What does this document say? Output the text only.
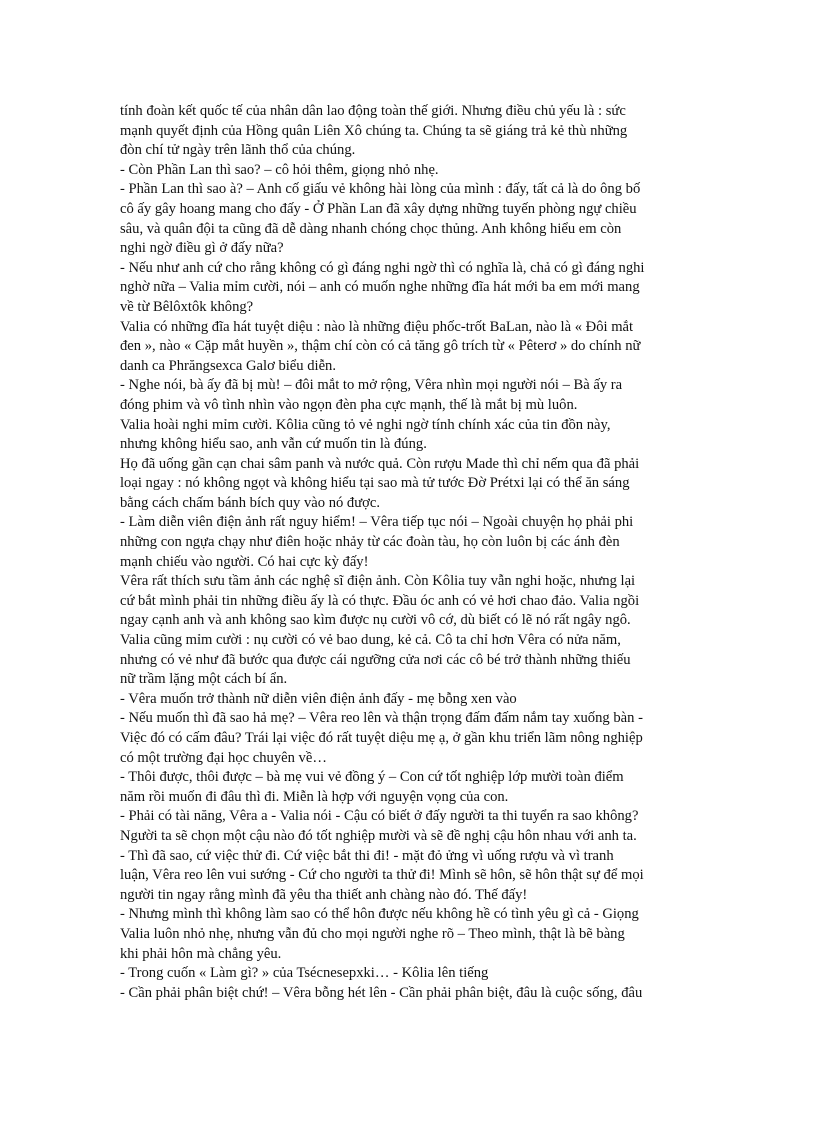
tính đoàn kết quốc tế của nhân dân lao động toàn thế giới. Nhưng điều chủ yếu là : sức
mạnh quyết định của Hồng quân Liên Xô chúng ta. Chúng ta sẽ giáng trả kẻ thù những
đòn chí tử ngày trên lãnh thổ của chúng.
- Còn Phần Lan thì sao? – cô hỏi thêm, giọng nhỏ nhẹ.
- Phần Lan thì sao à? – Anh cố giấu vẻ không hài lòng của mình : đấy, tất cả là do ông bố
cô ấy gây hoang mang cho đấy - Ở Phần Lan đã xây dựng những tuyến phòng ngự chiều
sâu, và quân đội ta cũng đã dễ dàng nhanh chóng chọc thủng. Anh không hiểu em còn
nghi ngờ điều gì ở đấy nữa?
- Nếu như anh cứ cho rằng không có gì đáng nghi ngờ thì có nghĩa là, chả có gì đáng nghi
nghờ nữa – Valia mỉm cười, nói – anh có muốn nghe những đĩa hát mới ba em mới mang
về từ Bêlôxtôk không?
Valia có những đĩa hát tuyệt diệu : nào là những điệu phốc-trốt BaLan, nào là « Đôi mắt
đen », nào « Cặp mắt huyền », thậm chí còn có cả tăng gô trích từ « Pêterơ » do chính nữ
danh ca Phrăngsexca Galơ biểu diễn.
- Nghe nói, bà ấy đã bị mù! – đôi mắt to mở rộng, Vêra nhìn mọi người nói – Bà ấy ra
đóng phim và vô tình nhìn vào ngọn đèn pha cực mạnh, thế là mắt bị mù luôn.
Valia hoài nghi mỉm cười. Kôlia cũng tỏ vẻ nghi ngờ tính chính xác của tin đồn này,
nhưng không hiểu sao, anh vẫn cứ muốn tin là đúng.
Họ đã uống gần cạn chai sâm panh và nước quả. Còn rượu Made thì chỉ nếm qua đã phải
loại ngay : nó không ngọt và không hiểu tại sao mà tử tước Đờ Prétxi lại có thể ăn sáng
bằng cách chấm bánh bích quy vào nó được.
- Làm diễn viên điện ảnh rất nguy hiểm! – Vêra tiếp tục nói – Ngoài chuyện họ phải phi
những con ngựa chạy như điên hoặc nhảy từ các đoàn tàu, họ còn luôn bị các ánh đèn
mạnh chiếu vào người. Có hai cực kỳ đấy!
Vêra rất thích sưu tầm ảnh các nghệ sĩ điện ảnh. Còn Kôlia tuy vẫn nghi hoặc, nhưng lại
cứ bắt mình phải tin những điều ấy là có thực. Đầu óc anh có vẻ hơi chao đảo. Valia ngồi
ngay cạnh anh và anh không sao kìm được nụ cười vô cớ, dù biết có lẽ nó rất ngây ngô.
Valia cũng mỉm cười : nụ cười có vẻ bao dung, kẻ cả. Cô ta chỉ hơn Vêra có nửa năm,
nhưng có vẻ như đã bước qua được cái ngưỡng cửa nơi các cô bé trở thành những thiếu
nữ trầm lặng một cách bí ẩn.
- Vêra muốn trở thành nữ diễn viên điện ảnh đấy - mẹ bỗng xen vào
- Nếu muốn thì đã sao hả mẹ? – Vêra reo lên và thận trọng đấm đấm nắm tay xuống bàn -
Việc đó có cấm đâu? Trái lại việc đó rất tuyệt diệu mẹ ạ, ở gần khu triển lãm nông nghiệp
có một trường đại học chuyên về…
- Thôi được, thôi được – bà mẹ vui vẻ đồng ý – Con cứ tốt nghiệp lớp mười toàn điểm
năm rồi muốn đi đâu thì đi. Miễn là hợp với nguyện vọng của con.
- Phải có tài năng, Vêra a - Valia nói - Cậu có biết ở đấy người ta thi tuyển ra sao không?
Người ta sẽ chọn một cậu nào đó tốt nghiệp mười và sẽ đề nghị cậu hôn nhau với anh ta.
- Thì đã sao, cứ việc thử đi. Cứ việc bắt thi đi! - mặt đỏ ửng vì uống rượu và vì tranh
luận, Vêra reo lên vui sướng - Cứ cho người ta thử đi! Mình sẽ hôn, sẽ hôn thật sự để mọi
người tin ngay rằng mình đã yêu tha thiết anh chàng nào đó. Thế đấy!
- Nhưng mình thì không làm sao có thể hôn được nếu không hề có tình yêu gì cả - Giọng
Valia luôn nhỏ nhẹ, nhưng vẫn đủ cho mọi người nghe rõ – Theo mình, thật là bẽ bàng
khi phải hôn mà chẳng yêu.
- Trong cuốn « Làm gì? » của Tsécnesepxki… - Kôlia lên tiếng
- Cần phải phân biệt chứ! – Vêra bỗng hét lên - Cần phải phân biệt, đâu là cuộc sống, đâu
